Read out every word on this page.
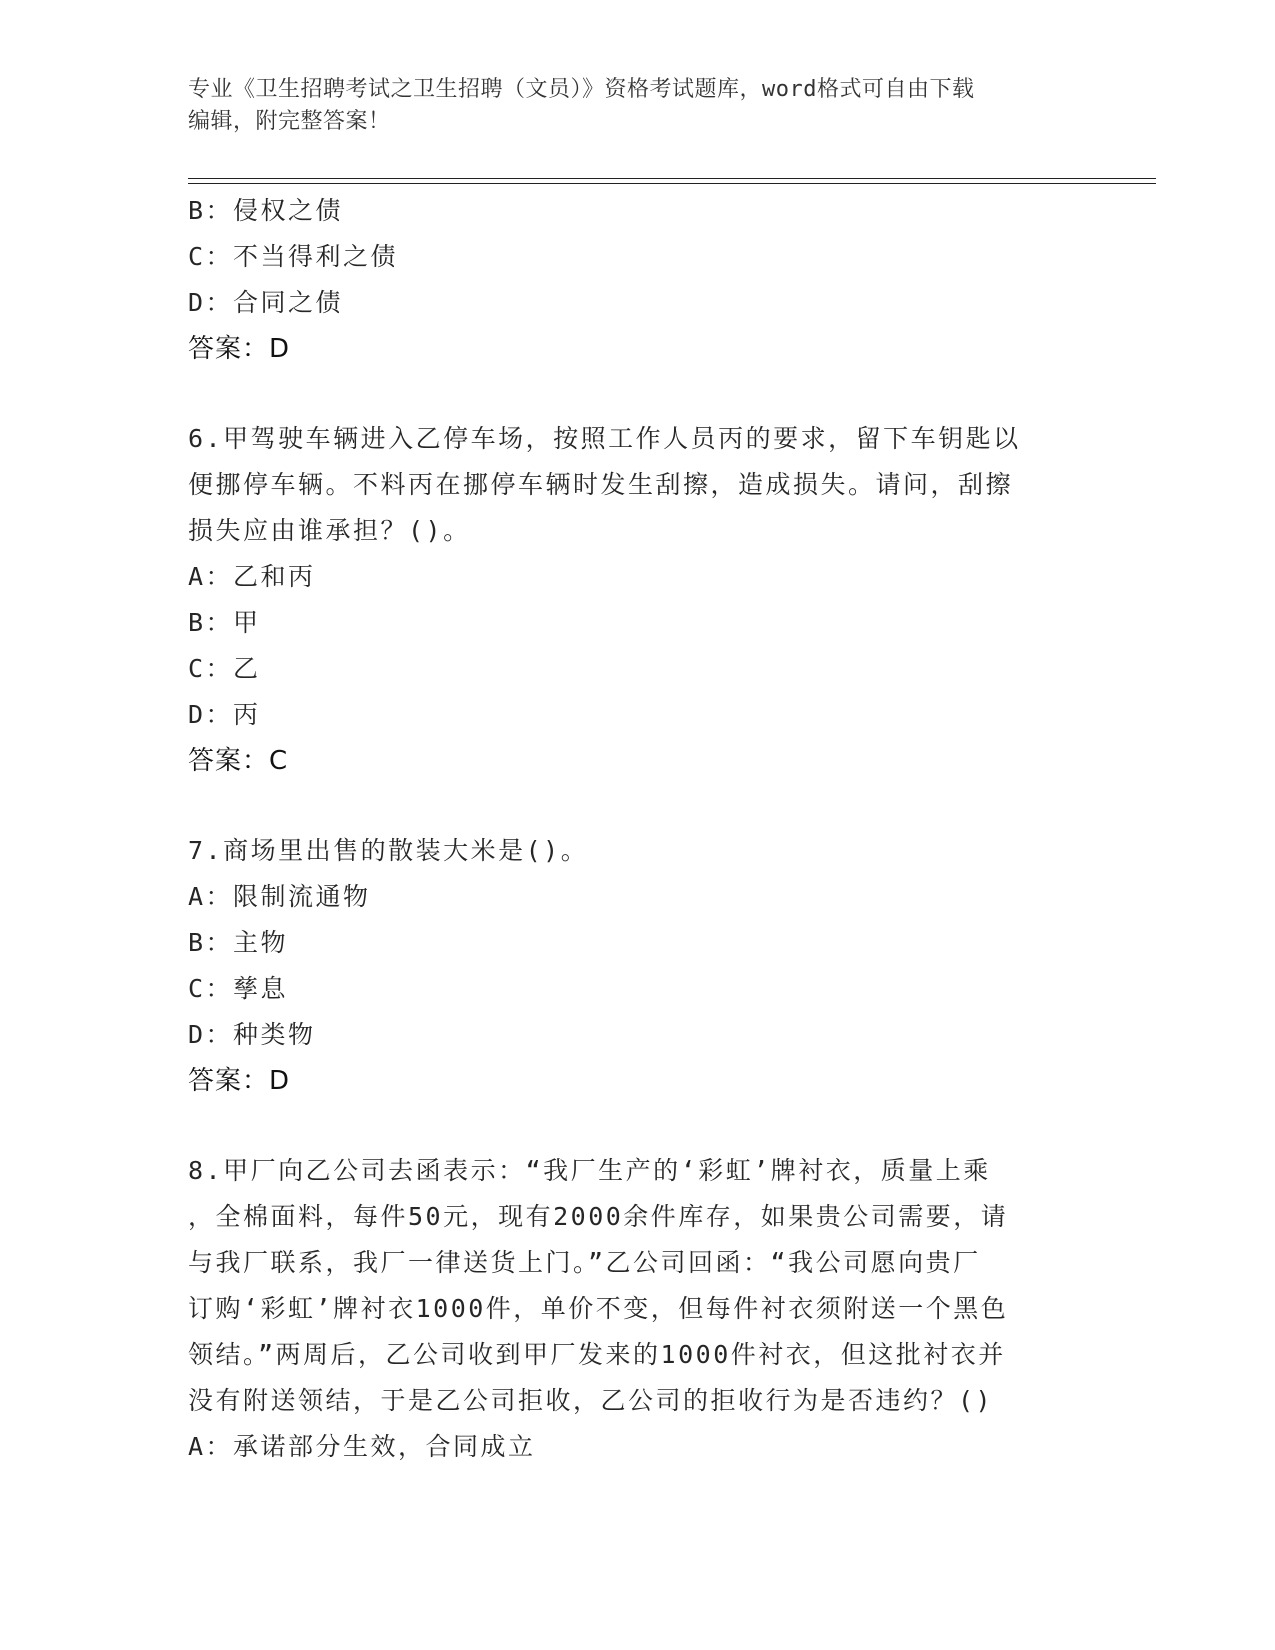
专业《卫生招聘考试之卫生招聘（文员）》资格考试题库，word格式可自由下载
编辑，附完整答案！
B：侵权之债
C：不当得利之债
D：合同之债
答案：D
6.甲驾驶车辆进入乙停车场，按照工作人员丙的要求，留下车钥匙以
便挪停车辆。不料丙在挪停车辆时发生刮擦，造成损失。请问，刮擦
损失应由谁承担？()。
A：乙和丙
B：甲
C：乙
D：丙
答案：C
7.商场里出售的散装大米是()。
A：限制流通物
B：主物
C：孳息
D：种类物
答案：D
8.甲厂向乙公司去函表示：“我厂生产的‘彩虹’牌衬衣，质量上乘
，全棉面料，每件50元，现有2000余件库存，如果贵公司需要，请
与我厂联系，我厂一律送货上门。”乙公司回函：“我公司愿向贵厂
订购‘彩虹’牌衬衣1000件，单价不变，但每件衬衣须附送一个黑色
领结。”两周后，乙公司收到甲厂发来的1000件衬衣，但这批衬衣并
没有附送领结，于是乙公司拒收，乙公司的拒收行为是否违约？()
A：承诺部分生效，合同成立
